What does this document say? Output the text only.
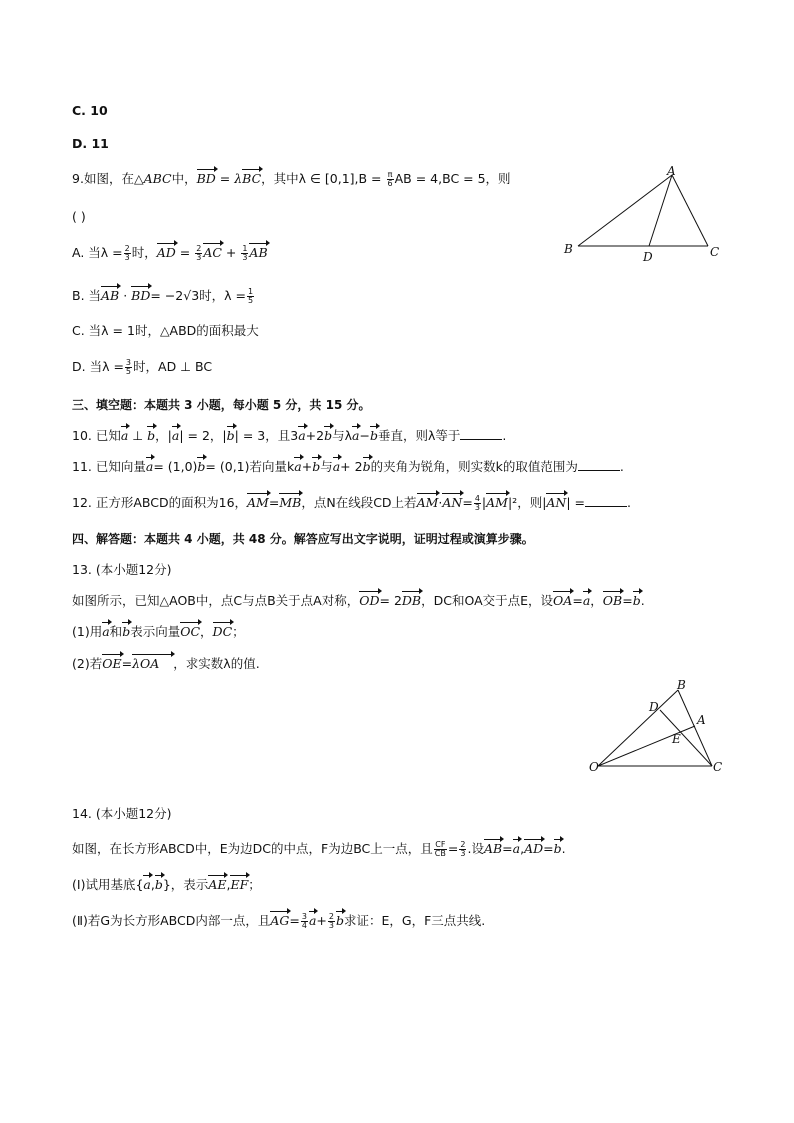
C. 10
D. 11
9.如图，在△ABC中，BD = λBC，其中λ ∈ $[0,1],B = \frac{\pi}{6}$ AB = 4,BC = 5，则
( )
A. 当$\lambda = \frac{2}{3}$ 时，AD = $\frac{2}{3}$ AC + $\frac{1}{3}$ AB
B. 当AB · BD= −2√3时，$\lambda = \frac{1}{5}$
C. 当λ = 1时，△ABD的面积最大
D. 当$\lambda = \frac{3}{5}$ 时，AD ⊥ BC
A
B	C
D
三、填空题：本题共 3 小题，每小题 5 分，共 15 分。
10. 已知a ⊥ b，|a| = 2，|b| = 3，且3a+2b与λa−b垂直，则λ等于	.
11. 已知向量a= (1,0)b= (0,1)若向量ka+b与a+ 2b的夹角为锐角，则实数k的取值范围为	.
12. 正方形ABCD的面积为16，AM=MB，点N在线段CD上若$AM\cdot AN= \frac{4}{3} |AM|^2$，则|AN| =	.
四、解答题：本题共 4 小题，共 48 分。解答应写出文字说明，证明过程或演算步骤。
13. (本小题12分)
如图所示，已知△AOB中，点C与点B关于点A对称，OD= 2DB，DC和OA交于点E，设OA=a，OB=b.
(1)用a和b表示向量OC，DC；
(2)若OE=λOA ，求实数λ的值.
B
D
A
E
O	C
14. (本小题12分)
如图，在长方形ABCD中，E为边DC的中点，F为边BC上一点，且 $\frac{CF}{CB} = \frac{2}{3}$ .设AB=a,AD=b.
(Ⅰ)试用基底{a,b}，表示AE,EF；
(Ⅱ)若G为长方形ABCD内部一点，且$AG= \frac{3}{4} a+ \frac{2}{3}$ b求证：E，G，F三点共线.
